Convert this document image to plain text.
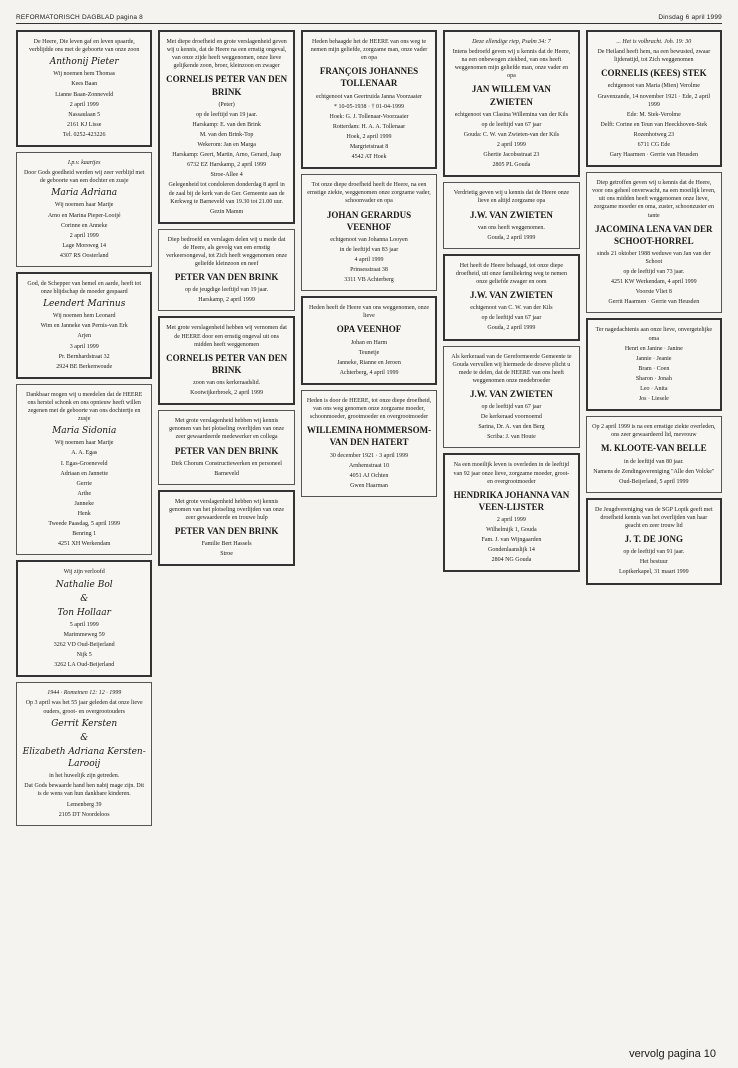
REFORMATORISCH DAGBLAD pagina 8	Dinsdag 6 april 1999

De Heere, Die leven gaf en leven spaarde, verblijdde ons met de geboorte van onze zoon

Anthonij Pieter

Wij noemen hem Thomas

Kees Baan

Lianne Baan-Zonneveld

2 april 1999

Nassaulaan 5

2161 KJ Lisse

Tel. 0252-423226

I.p.v. kaartjes

Door Gods goedheid werden wij zeer verblijd met de geboorte van een dochter en zusje

Maria Adriana

Wij noemen haar Marije

Arno en Marina Pieper-Looijé

Corinne en Anneke

2 april 1999

Lage Morsweg 14

4307 RS Oosterland

God, de Schepper van hemel en aarde, heeft tot onze blijdschap de moeder gespaard

Leendert Marinus

Wij noemen hem Leonard

Wim en Janneke van Pernis-van Erk

Arjen

3 april 1999

Pr. Bernhardstraat 32

2924 BE Berkenwoude

Dankbaar mogen wij u meedelen dat de HEERE ons herstel schonk en ons opnieuw heeft willen zegenen met de geboorte van ons dochtertje en zusje

Maria Sidonia

Wij noemen haar Marije

A. A. Egas

I. Egas-Groeneveld

Adriaan en Jannette

Gerrie

Arthe

Janneke

Henk

Tweede Paasdag, 5 april 1999

Benring 1

4251 XH Werkendam

Wij zijn verloofd

Nathalie Bol
&
Ton Hollaar

5 april 1999

Marimmeweg 59

3262 VD Oud-Beijerland

Nijk 5

3262 LA Oud-Beijerland

1944 · Romeinen 12: 12 · 1999

Op 3 april was het 55 jaar geleden dat onze lieve ouders, groot- en overgrootouders

Gerrit Kersten
&
Elizabeth Adriana Kersten-Larooij

in het huwelijk zijn getreden.

Dat Gods bewaarde hand hen nabij mage zijn. Dit is de wens van hun dankbare kinderen.

Lemenberg 39

2105 DT Noordeloos

Met diepe droefheid en grote verslagenheid geven wij u kennis, dat de Heere na een ernstig ongeval, van onze zijde heeft weggenomen, onze lieve gelijkende zoon, broer, kleinzoon en zwager

CORNELIS PETER VAN DEN BRINK
(Peter)

op de leeftijd van 19 jaar.

Harskamp: E. van den Brink

M. van den Brink-Top

Wekerom: Jan en Marga

Harskamp: Geert, Martin, Arno, Gerard, Jaap

6732 EZ Harskamp, 2 april 1999

Stroe-Allee 4

Gelegenheid tot condoleren donderdag 8 april in de zaal bij de kerk van de Ger. Gemeente aan de Kerkweg te Barneveld van 19.30 tot 21.00 uur.

Gezin Mamm

Diep bedroefd en verslagen delen wij u mede dat de Heere, als gevolg van een ernstig verkeersongeval, tot Zich heeft weggenomen onze geliefde kleinzoon en neef

PETER VAN DEN BRINK

op de jeugdige leeftijd van 19 jaar.

Harskamp, 2 april 1999

Met grote verslagenheid hebben wij vernomen dat de HEERE door een ernstig ongeval uit ons midden heeft weggenomen

CORNELIS PETER VAN DEN BRINK

zoon van ons kerkeraadslid.

Kootwijkerbroek, 2 april 1999

Met grote verslagenheid hebben wij kennis genomen van het plotseling overlijden van onze zeer gewaardeerde medewerker en collega

PETER VAN DEN BRINK

Dirk Chorum Constructiewerken en personeel

Barneveld

Met grote verslagenheid hebben wij kennis genomen van het plotseling overlijden van onze zeer gewaardeerde en trouwe hulp

PETER VAN DEN BRINK

Familie Bert Hassels

Stroe

Heden behaagde het de HEERE van ons weg te nemen mijn geliefde, zorgzame man, onze vader en opa

FRANÇOIS JOHANNES TOLLENAAR

echtgenoot van Geertruida Janna Voorzaaier

* 10-05-1938 · † 01-04-1999

Hoek: G. J. Tollenaar-Voorzaaier

Rotterdam: H. A. A. Tollenaar

Hoek, 2 april 1999

Margrietstraat 8

4542 AT Hoek

Tot onze diepe droefheid heeft de Heere, na een ernstige ziekte, weggenomen onze zorgzame vader, schoonvader en opa

JOHAN GERARDUS VEENHOF

echtgenoot van Johanna Looyen

in de leeftijd van 83 jaar

4 april 1999

Prinsesstraat 38

3311 VB Achterberg

Heden heeft de Heere van ons weggenomen, onze lieve

OPA VEENHOF

Johan en Harm

Teunetje

Janneke, Rianne en Jeroen

Achterberg, 4 april 1999

Heden is door de HEERE, tot onze diepe droefheid, van ons weg genomen onze zorgzame moeder, schoonmoeder, grootmoeder en overgrootmoeder

WILLEMINA HOMMERSOM-VAN DEN HATERT

30 december 1921 · 3 april 1999

Arnhemstraat 10

4051 AJ Ochten

Gwen Haarman

Deze ellendige riep, Psalm 34: 7

Intens bedroefd geven wij u kennis dat de Heere, na een onbewogen ziekbed, van ons heeft weggenomen mijn geliefde man, onze vader en opa

JAN WILLEM VAN ZWIETEN

echtgenoot van Clasina Willemina van der Kils

op de leeftijd van 67 jaar

Gouda: C. W. van Zwieten-van der Kils

2 april 1999

Ghertie Jacobsstraat 23

2805 PL Gouda

Verdrietig geven wij u kennis dat de Heere onze lieve en altijd zorgzame opa

J.W. VAN ZWIETEN

van ons heeft weggenomen.

Gouda, 2 april 1999

Het heeft de Heere behaagd, tot onze diepe droefheid, uit onze familiekring weg te nemen onze geliefde zwager en oom

J.W. VAN ZWIETEN

echtgenoot van C. W. van der Kils

op de leeftijd van 67 jaar

Gouda, 2 april 1999

Als kerkeraad van de Gereformeerde Gemeente te Gouda vervullen wij hiermede de droeve plicht u mede te delen, dat de HEERE van ons heeft weggenomen onze medebroeder

J.W. VAN ZWIETEN

op de leeftijd van 67 jaar

De kerkeraad voornoemd

Sarina, Dr. A. van den Berg

Scriba: J. van Houte

Na een moeilijk leven is overleden in de leeftijd van 92 jaar onze lieve, zorgzame moeder, groot- en overgrootmoeder

HENDRIKA JOHANNA VAN VEEN-LIJSTER

2 april 1999

Wilhelmijk 1, Gouda

Fam. J. van Wijngaarden

Gondenlaanslijk 14

2804 NG Gouda

... Het is volbracht. Joh. 19: 30

De Heiland heeft hem, na een bewusted, zwaar lijdenstijd, tot Zich weggenomen

CORNELIS (KEES) STEK

echtgenoot van Maria (Mien) Verolme

Gravenzande, 14 november 1921 · Ede, 2 april 1999

Ede: M. Stek-Verolme

Delft: Corine en Teun van Heeckhoven-Stek

Rozenhotweg 23

6711 CG Ede

Gary Haarmen · Gerrie van Heusden

Diep getroffen geven wij u kennis dat de Heere, voor ons geheel onverwacht, na een moeilijk leven, uit ons midden heeft weggenomen onze lieve, zorgzame moeder en oma, zuster, schoonzuster en tante

JACOMINA LENA VAN DER SCHOOT-HORREL

sinds 21 oktober 1988 weduwe van Jan van der Schoot

op de leeftijd van 73 jaar.

4251 KW Werkendam, 4 april 1999

Voorste Vliet 8

Gerrit Haarmen · Gerrie van Heusden

Ter nagedachtenis aan onze lieve, onvergetelijke oma

Henri en Janine · Janine

Jannie · Jeanie

Bram · Coen

Sharon · Jonah

Leo · Anita

Jos · Liesele

Op 2 april 1999 is na een ernstige ziekte overleden, ons zeer gewaardeerd lid, mevrouw

M. KLOOTE-VAN BELLE

in de leeftijd van 80 jaar.

Namens de Zendingsvereniging "Alle den Volcke"

Oud-Beijerland, 5 april 1999

De Jeugdvereniging van de SGP Lopik geeft met droefheid kennis van het overlijden van haar geacht en zeer trouw lid

J. T. DE JONG

op de leeftijd van 91 jaar.

Het bestuur

Lopikerkapel, 31 maart 1999

vervolg pagina 10
